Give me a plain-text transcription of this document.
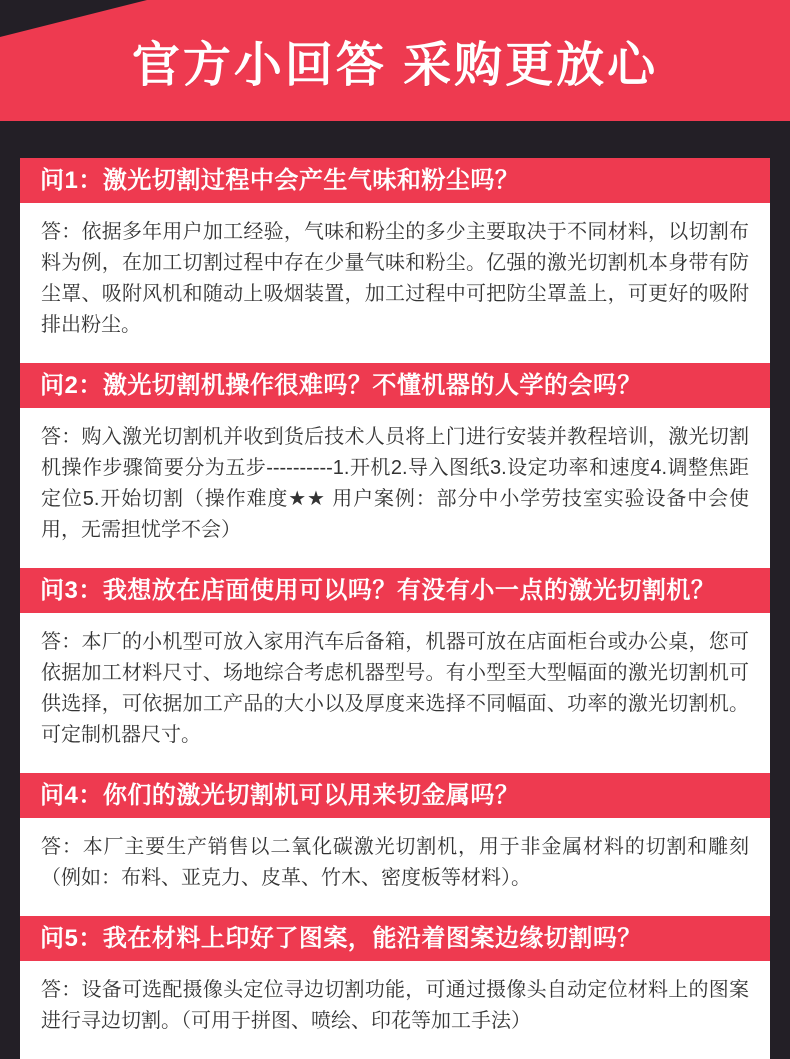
官方小回答 采购更放心
问1：激光切割过程中会产生气味和粉尘吗？

答：依据多年用户加工经验，气味和粉尘的多少主要取决于不同材料，以切割布料为例，在加工切割过程中存在少量气味和粉尘。亿强的激光切割机本身带有防尘罩、吸附风机和随动上吸烟装置，加工过程中可把防尘罩盖上，可更好的吸附排出粉尘。

问2：激光切割机操作很难吗？不懂机器的人学的会吗？

答：购入激光切割机并收到货后技术人员将上门进行安装并教程培训，激光切割机操作步骤简要分为五步----------1.开机2.导入图纸3.设定功率和速度4.调整焦距定位5.开始切割（操作难度★★ 用户案例：部分中小学劳技室实验设备中会使用，无需担忧学不会）

问3：我想放在店面使用可以吗？有没有小一点的激光切割机？

答：本厂的小机型可放入家用汽车后备箱，机器可放在店面柜台或办公桌，您可依据加工材料尺寸、场地综合考虑机器型号。有小型至大型幅面的激光切割机可供选择，可依据加工产品的大小以及厚度来选择不同幅面、功率的激光切割机。可定制机器尺寸。

问4：你们的激光切割机可以用来切金属吗？

答：本厂主要生产销售以二氧化碳激光切割机，用于非金属材料的切割和雕刻（例如：布料、亚克力、皮革、竹木、密度板等材料）。

问5：我在材料上印好了图案，能沿着图案边缘切割吗？

答：设备可选配摄像头定位寻边切割功能，可通过摄像头自动定位材料上的图案进行寻边切割。（可用于拼图、喷绘、印花等加工手法）
